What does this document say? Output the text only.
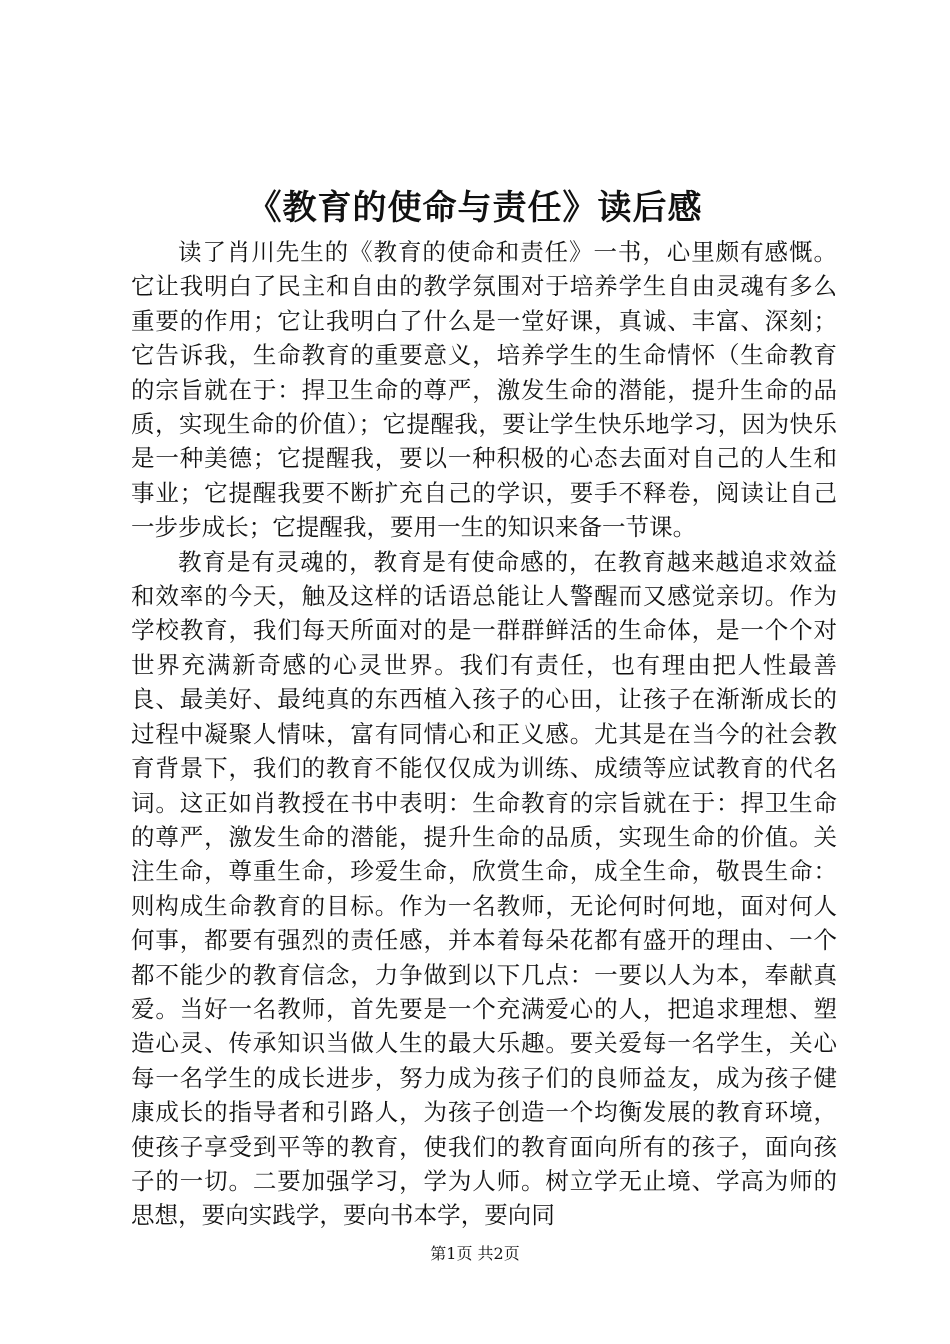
《教育的使命与责任》读后感

读了肖川先生的《教育的使命和责任》一书，心里颇有感慨。它让我明白了民主和自由的教学氛围对于培养学生自由灵魂有多么重要的作用；它让我明白了什么是一堂好课，真诚、丰富、深刻；它告诉我，生命教育的重要意义，培养学生的生命情怀（生命教育的宗旨就在于：捍卫生命的尊严，激发生命的潜能，提升生命的品质，实现生命的价值）；它提醒我，要让学生快乐地学习，因为快乐是一种美德；它提醒我，要以一种积极的心态去面对自己的人生和事业；它提醒我要不断扩充自己的学识，要手不释卷，阅读让自己一步步成长；它提醒我，要用一生的知识来备一节课。

教育是有灵魂的，教育是有使命感的，在教育越来越追求效益和效率的今天，触及这样的话语总能让人警醒而又感觉亲切。作为学校教育，我们每天所面对的是一群群鲜活的生命体，是一个个对世界充满新奇感的心灵世界。我们有责任，也有理由把人性最善良、最美好、最纯真的东西植入孩子的心田，让孩子在渐渐成长的过程中凝聚人情味，富有同情心和正义感。尤其是在当今的社会教育背景下，我们的教育不能仅仅成为训练、成绩等应试教育的代名词。这正如肖教授在书中表明：生命教育的宗旨就在于：捍卫生命的尊严，激发生命的潜能，提升生命的品质，实现生命的价值。关注生命，尊重生命，珍爱生命，欣赏生命，成全生命，敬畏生命：则构成生命教育的目标。作为一名教师，无论何时何地，面对何人何事，都要有强烈的责任感，并本着每朵花都有盛开的理由、一个都不能少的教育信念，力争做到以下几点：一要以人为本，奉献真爱。当好一名教师，首先要是一个充满爱心的人，把追求理想、塑造心灵、传承知识当做人生的最大乐趣。要关爱每一名学生，关心每一名学生的成长进步，努力成为孩子们的良师益友，成为孩子健康成长的指导者和引路人，为孩子创造一个均衡发展的教育环境，使孩子享受到平等的教育，使我们的教育面向所有的孩子，面向孩子的一切。二要加强学习，学为人师。树立学无止境、学高为师的思想，要向实践学，要向书本学，要向同

第1页 共2页
